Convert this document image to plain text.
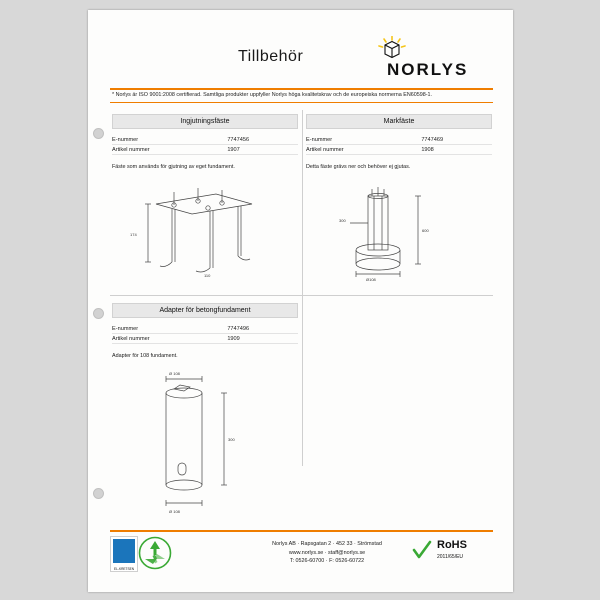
Tillbehör
NORLYS
* Norlys är ISO 9001:2008 certifierad. Samtliga produkter uppfyller Norlys höga kvalitetskrav och de europeiska normerna EN60598-1.
Ingjutningsfäste
E-nummer	7747456
Artikel nummer	1907
Fäste som används för gjutning av eget fundament.
174
110
Markfäste
E-nummer	7747469
Artikel nummer	1908
Detta fäste grävs ner och behöver ej gjutas.
600
300
Ø108
Adapter för betongfundament
E-nummer	7747496
Artikel nummer	1909
Adapter för 108 fundament.
300
Ø 108
Ø 108
EL-KRETSEN
Norlys AB · Rapsgatan 2 · 452 33 · Strömstad
www.norlys.se · staff@norlys.se
T: 0526-60700 · F: 0526-60722
RoHS
2011/65/EU
